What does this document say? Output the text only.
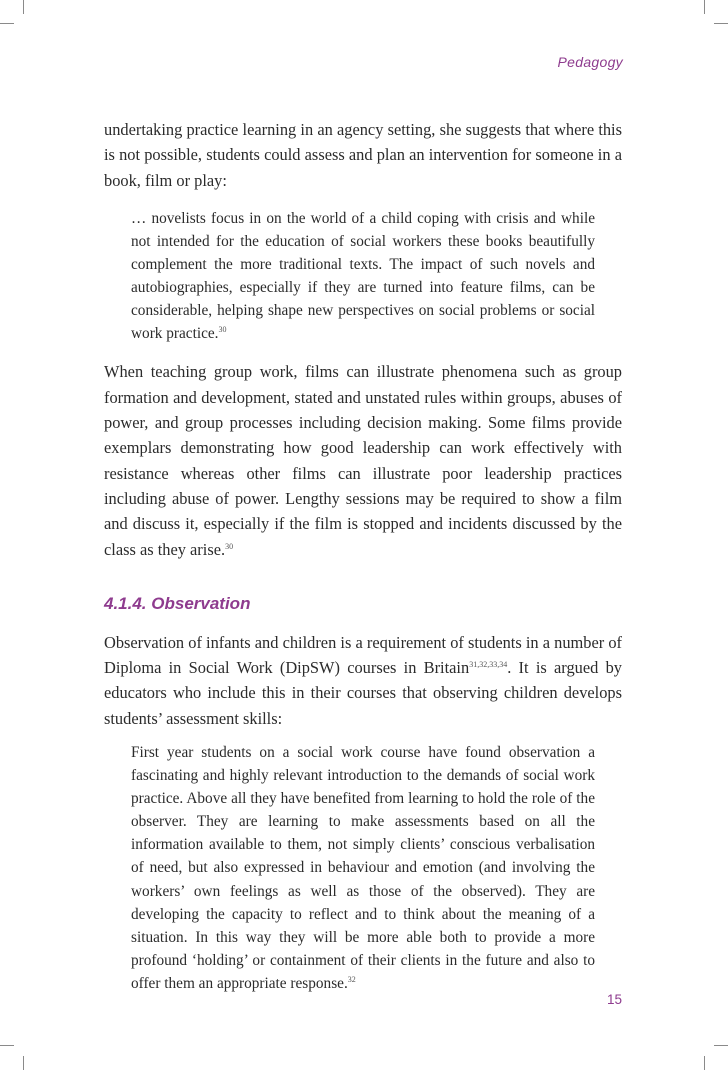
Pedagogy

undertaking practice learning in an agency setting, she suggests that where this is not possible, students could assess and plan an intervention for someone in a book, film or play:

… novelists focus in on the world of a child coping with crisis and while not intended for the education of social workers these books beautifully complement the more traditional texts. The impact of such novels and autobiographies, especially if they are turned into feature films, can be considerable, helping shape new perspectives on social problems or social work practice.$^{30}$

When teaching group work, films can illustrate phenomena such as group formation and development, stated and unstated rules within groups, abuses of power, and group processes including decision making. Some films provide exemplars demonstrating how good leadership can work effectively with resistance whereas other films can illustrate poor leadership practices including abuse of power. Lengthy sessions may be required to show a film and discuss it, especially if the film is stopped and incidents discussed by the class as they arise.$^{30}$

4.1.4. Observation

Observation of infants and children is a requirement of students in a number of Diploma in Social Work (DipSW) courses in Britain$^{31,32,33,34}$. It is argued by educators who include this in their courses that observing children develops students’ assessment skills:

First year students on a social work course have found observation a fascinating and highly relevant introduction to the demands of social work practice. Above all they have benefited from learning to hold the role of the observer. They are learning to make assessments based on all the information available to them, not simply clients’ conscious verbalisation of need, but also expressed in behaviour and emotion (and involving the workers’ own feelings as well as those of the observed). They are developing the capacity to reflect and to think about the meaning of a situation. In this way they will be more able both to provide a more profound ‘holding’ or containment of their clients in the future and also to offer them an appropriate response.$^{32}$
15
